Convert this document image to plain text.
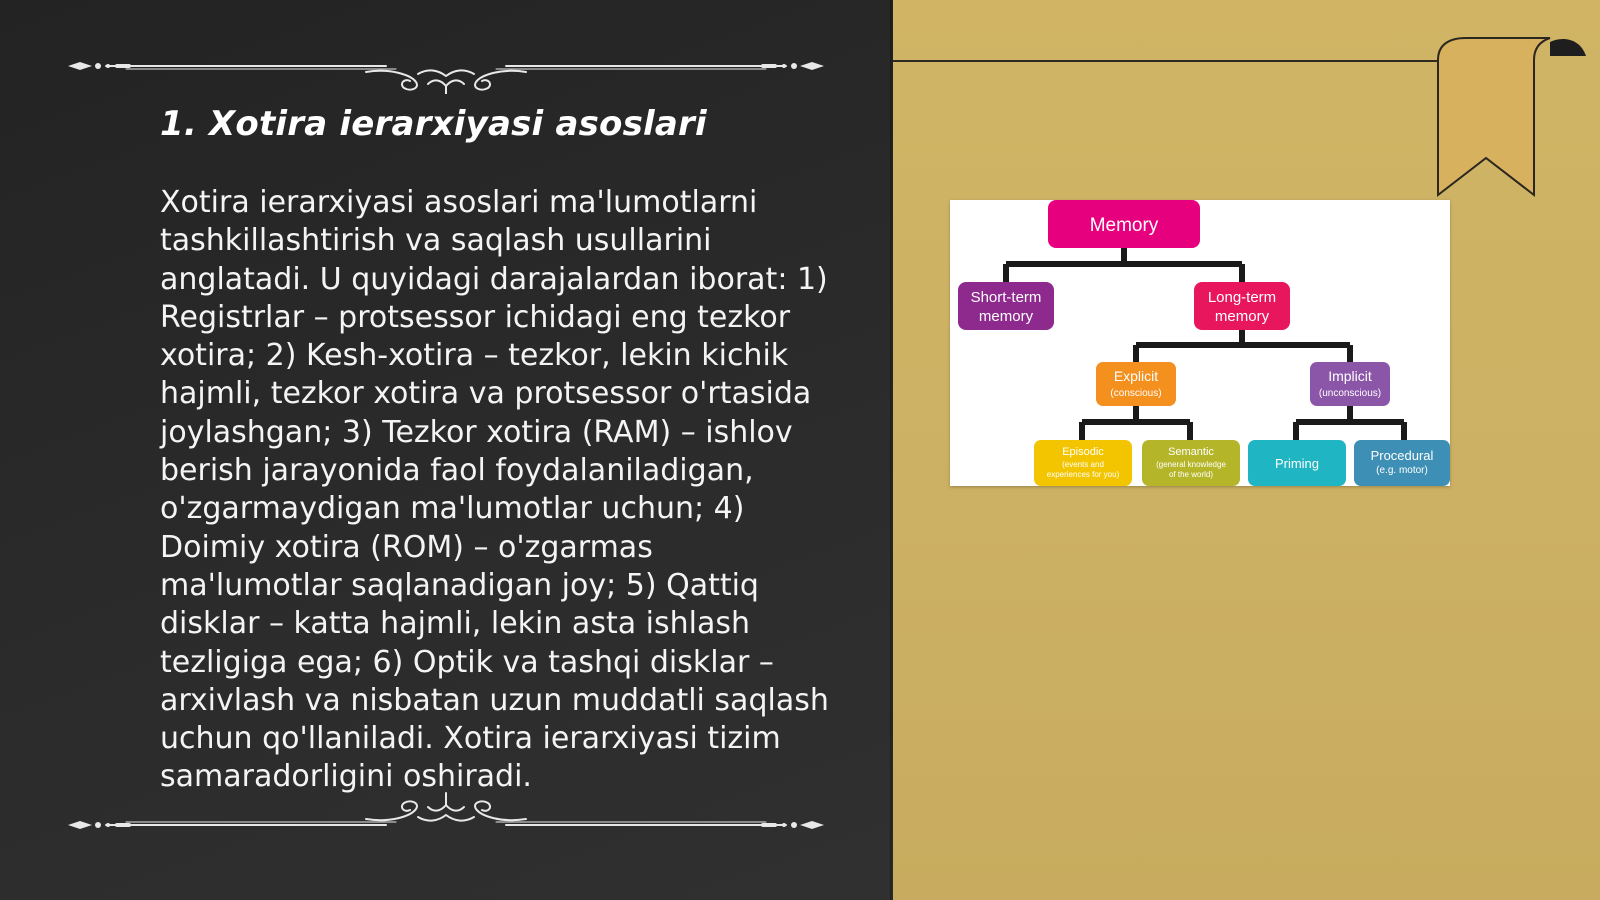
1. Xotira ierarxiyasi asoslari

Xotira ierarxiyasi asoslari ma'lumotlarni tashkillashtirish va saqlash usullarini anglatadi. U quyidagi darajalardan iborat: 1) Registrlar – protsessor ichidagi eng tezkor xotira; 2) Kesh-xotira – tezkor, lekin kichik hajmli, tezkor xotira va protsessor o'rtasida joylashgan; 3) Tezkor xotira (RAM) – ishlov berish jarayonida faol foydalaniladigan, o'zgarmaydigan ma'lumotlar uchun; 4) Doimiy xotira (ROM) – o'zgarmas ma'lumotlar saqlanadigan joy; 5) Qattiq disklar – katta hajmli, lekin asta ishlash tezligiga ega; 6) Optik va tashqi disklar – arxivlash va nisbatan uzun muddatli saqlash uchun qo'llaniladi. Xotira ierarxiyasi tizim samaradorligini oshiradi.

Memory
Short-term
memory
Long-term
memory
Explicit
(conscious)
Implicit
(unconscious)
Episodic
(events and
experiences for you)
Semantic
(general knowledge
of the world)
Priming
Procedural
(e.g. motor)
